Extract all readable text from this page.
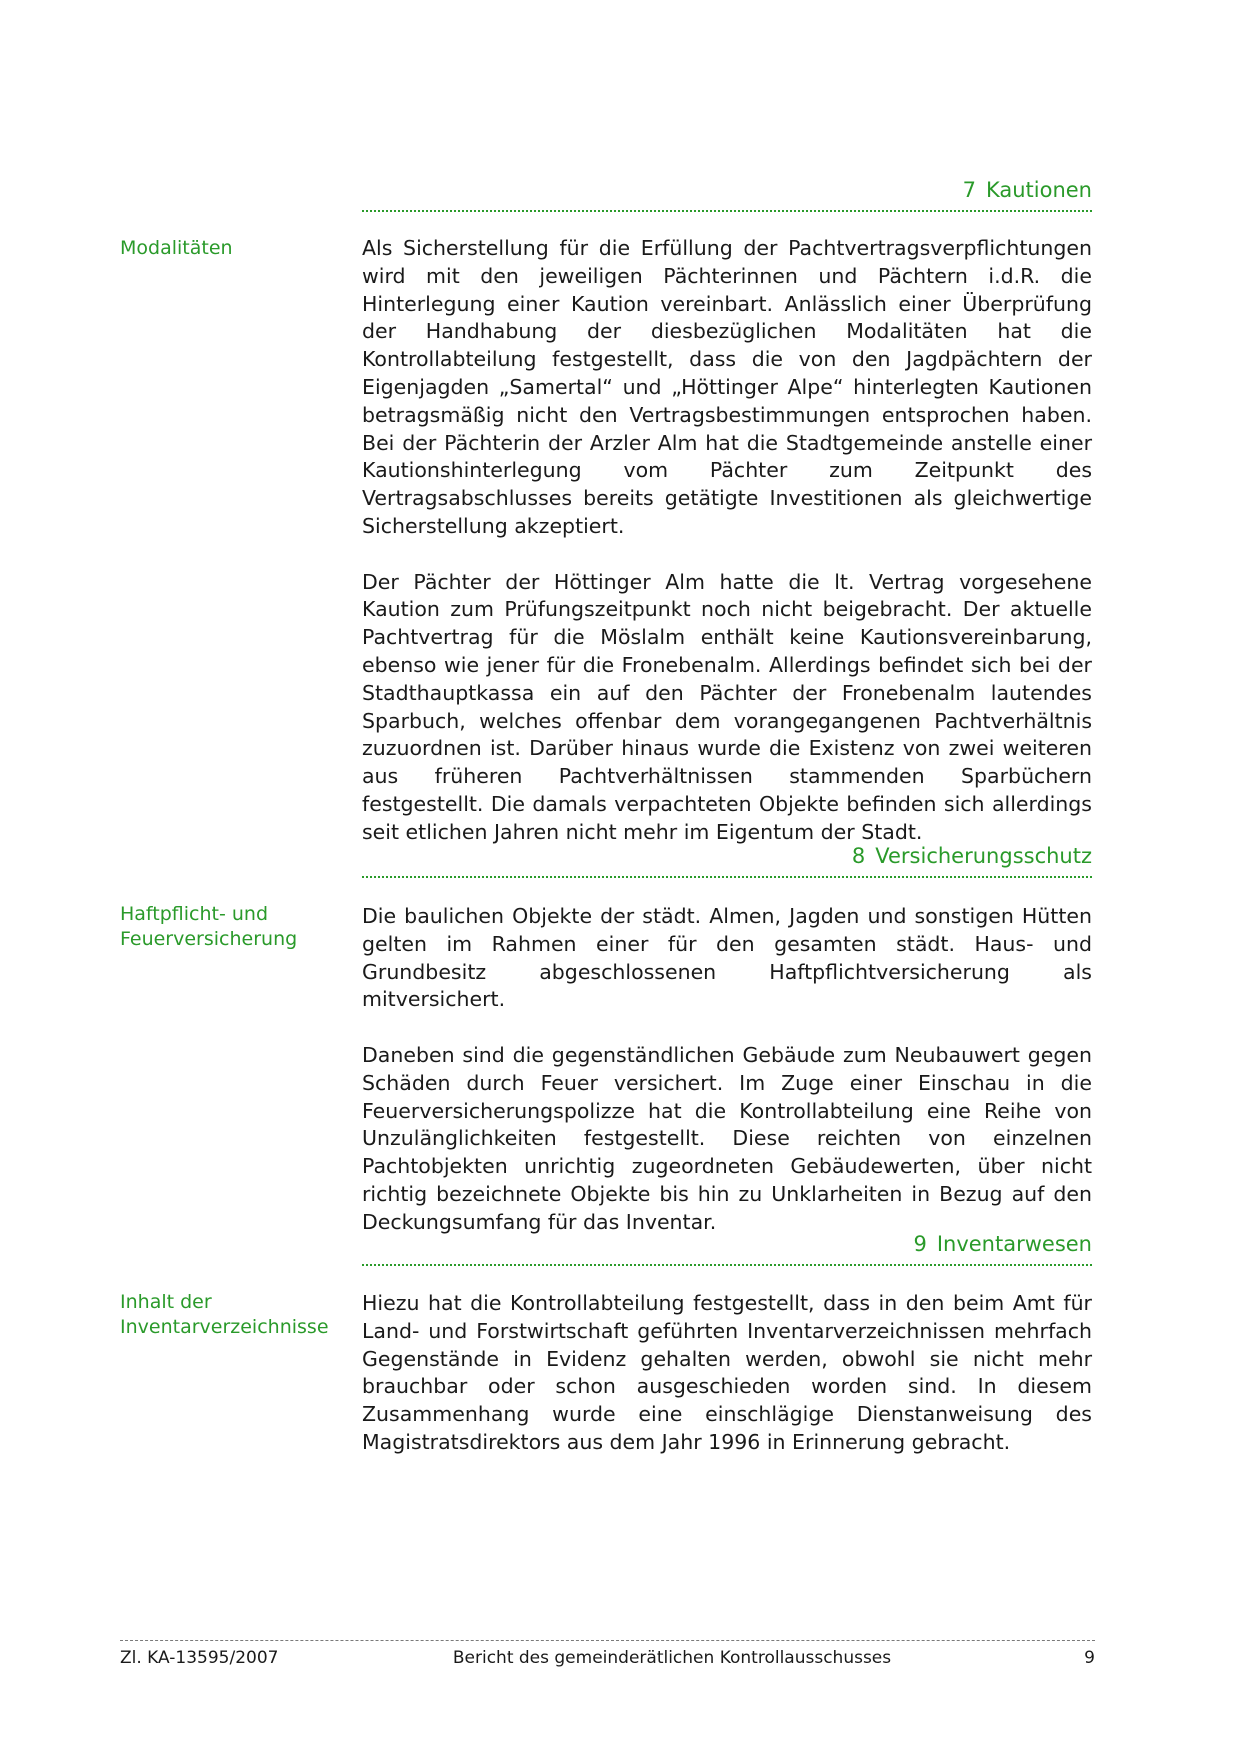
7 Kautionen
Modalitäten	Als Sicherstellung für die Erfüllung der Pachtvertragsverpflichtungen wird mit den jeweiligen Pächterinnen und Pächtern i.d.R. die Hinterlegung einer Kaution vereinbart. Anlässlich einer Überprüfung der Handhabung der diesbezüglichen Modalitäten hat die Kontrollabteilung festgestellt, dass die von den Jagdpächtern der Eigenjagden „Samertal“ und „Höttinger Alpe“ hinterlegten Kautionen betragsmäßig nicht den Vertragsbestimmungen entsprochen haben. Bei der Pächterin der Arzler Alm hat die Stadtgemeinde anstelle einer Kautionshinterlegung vom Pächter zum Zeitpunkt des Vertragsabschlusses bereits getätigte Investitionen als gleichwertige Sicherstellung akzeptiert.

Der Pächter der Höttinger Alm hatte die lt. Vertrag vorgesehene Kaution zum Prüfungszeitpunkt noch nicht beigebracht. Der aktuelle Pachtvertrag für die Möslalm enthält keine Kautionsvereinbarung, ebenso wie jener für die Fronebenalm. Allerdings befindet sich bei der Stadthauptkassa ein auf den Pächter der Fronebenalm lautendes Sparbuch, welches offenbar dem vorangegangenen Pachtverhältnis zuzuordnen ist. Darüber hinaus wurde die Existenz von zwei weiteren aus früheren Pachtverhältnissen stammenden Sparbüchern festgestellt. Die damals verpachteten Objekte befinden sich allerdings seit etlichen Jahren nicht mehr im Eigentum der Stadt.

8 Versicherungsschutz
Haftpflicht- und Feuerversicherung

Die baulichen Objekte der städt. Almen, Jagden und sonstigen Hütten gelten im Rahmen einer für den gesamten städt. Haus- und Grundbesitz abgeschlossenen Haftpflichtversicherung als mitversichert.

Daneben sind die gegenständlichen Gebäude zum Neubauwert gegen Schäden durch Feuer versichert. Im Zuge einer Einschau in die Feuerversicherungspolizze hat die Kontrollabteilung eine Reihe von Unzulänglichkeiten festgestellt. Diese reichten von einzelnen Pachtobjekten unrichtig zugeordneten Gebäudewerten, über nicht richtig bezeichnete Objekte bis hin zu Unklarheiten in Bezug auf den Deckungsumfang für das Inventar.

9 Inventarwesen
Inhalt der Inventarverzeichnisse

Hiezu hat die Kontrollabteilung festgestellt, dass in den beim Amt für Land- und Forstwirtschaft geführten Inventarverzeichnissen mehrfach Gegenstände in Evidenz gehalten werden, obwohl sie nicht mehr brauchbar oder schon ausgeschieden worden sind. In diesem Zusammenhang wurde eine einschlägige Dienstanweisung des Magistratsdirektors aus dem Jahr 1996 in Erinnerung gebracht.

Zl. KA-13595/2007	Bericht des gemeinderätlichen Kontrollausschusses	9
